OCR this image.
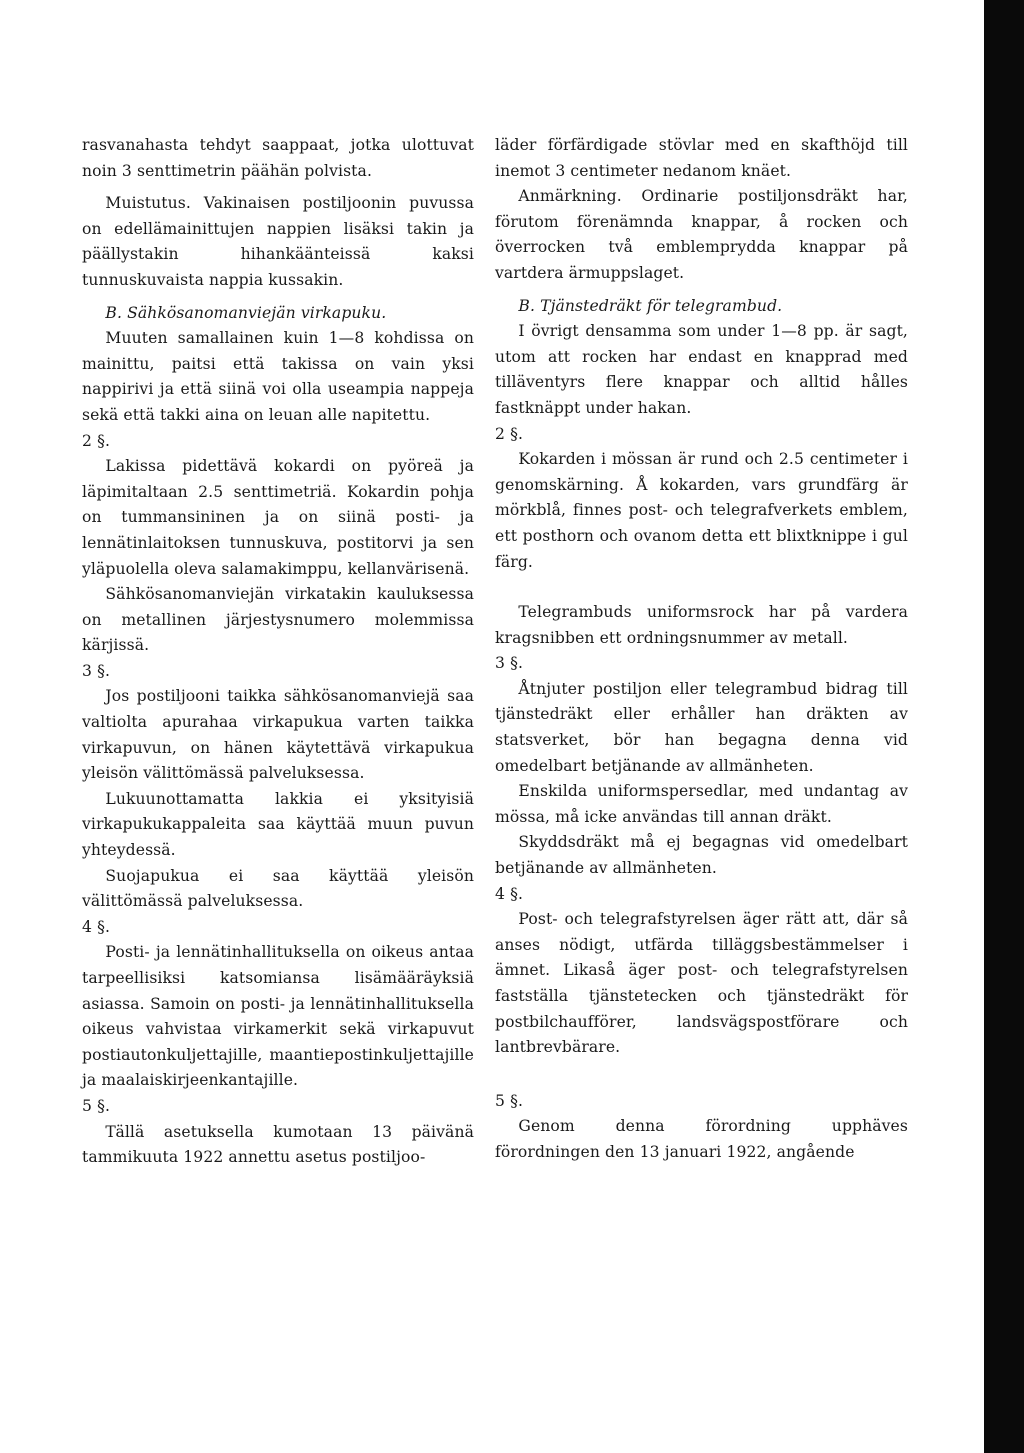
rasvanahasta tehdyt saappaat, jotka ulottuvat noin 3 senttimetrin päähän polvista.

Muistutus. Vakinaisen postiljoonin puvussa on edellämainittujen nappien lisäksi takin ja päällystakin hihankäänteissä kaksi tunnuskuvaista nappia kussakin.

B. Sähkösanomanviejän virkapuku.

Muuten samallainen kuin 1—8 kohdissa on mainittu, paitsi että takissa on vain yksi nappirivi ja että siinä voi olla useampia nappeja sekä että takki aina on leuan alle napitettu.

2 §.

Lakissa pidettävä kokardi on pyöreä ja läpimitaltaan 2.5 senttimetriä. Kokardin pohja on tummansininen ja on siinä posti- ja lennätinlaitoksen tunnuskuva, postitorvi ja sen yläpuolella oleva salamakimppu, kellanvärisenä.

Sähkösanomanviejän virkatakin kauluksessa on metallinen järjestysnumero molemmissa kärjissä.

3 §.

Jos postiljooni taikka sähkösanomanviejä saa valtiolta apurahaa virkapukua varten taikka virkapuvun, on hänen käytettävä virkapukua yleisön välittömässä palveluksessa.

Lukuunottamatta lakkia ei yksityisiä virkapukukappaleita saa käyttää muun puvun yhteydessä.

Suojapukua ei saa käyttää yleisön välittömässä palveluksessa.

4 §.

Posti- ja lennätinhallituksella on oikeus antaa tarpeellisiksi katsomiansa lisämääräyksiä asiassa. Samoin on posti- ja lennätinhallituksella oikeus vahvistaa virkamerkit sekä virkapuvut postiautonkuljettajille, maantiepostinkuljettajille ja maalaiskirjeenkantajille.

5 §.

Tällä asetuksella kumotaan 13 päivänä tammikuuta 1922 annettu asetus postiljoo-

läder förfärdigade stövlar med en skafthöjd till inemot 3 centimeter nedanom knäet.

Anmärkning. Ordinarie postiljonsdräkt har, förutom förenämnda knappar, å rocken och överrocken två emblemprydda knappar på vartdera ärmuppslaget.

B. Tjänstedräkt för telegrambud.

I övrigt densamma som under 1—8 pp. är sagt, utom att rocken har endast en knapprad med tilläventyrs flere knappar och alltid hålles fastknäppt under hakan.

2 §.

Kokarden i mössan är rund och 2.5 centimeter i genomskärning. Å kokarden, vars grundfärg är mörkblå, finnes post- och telegrafverkets emblem, ett posthorn och ovanom detta ett blixtknippe i gul färg.

Telegrambuds uniformsrock har på vardera kragsnibben ett ordningsnummer av metall.

3 §.

Åtnjuter postiljon eller telegrambud bidrag till tjänstedräkt eller erhåller han dräkten av statsverket, bör han begagna denna vid omedelbart betjänande av allmänheten.

Enskilda uniformspersedlar, med undantag av mössa, må icke användas till annan dräkt.

Skyddsdräkt må ej begagnas vid omedelbart betjänande av allmänheten.

4 §.

Post- och telegrafstyrelsen äger rätt att, där så anses nödigt, utfärda tilläggsbestämmelser i ämnet. Likaså äger post- och telegrafstyrelsen fastställa tjänstetecken och tjänstedräkt för postbilchaufförer, landsvägspostförare och lantbrevbärare.

5 §.

Genom denna förordning upphäves förordningen den 13 januari 1922, angående
